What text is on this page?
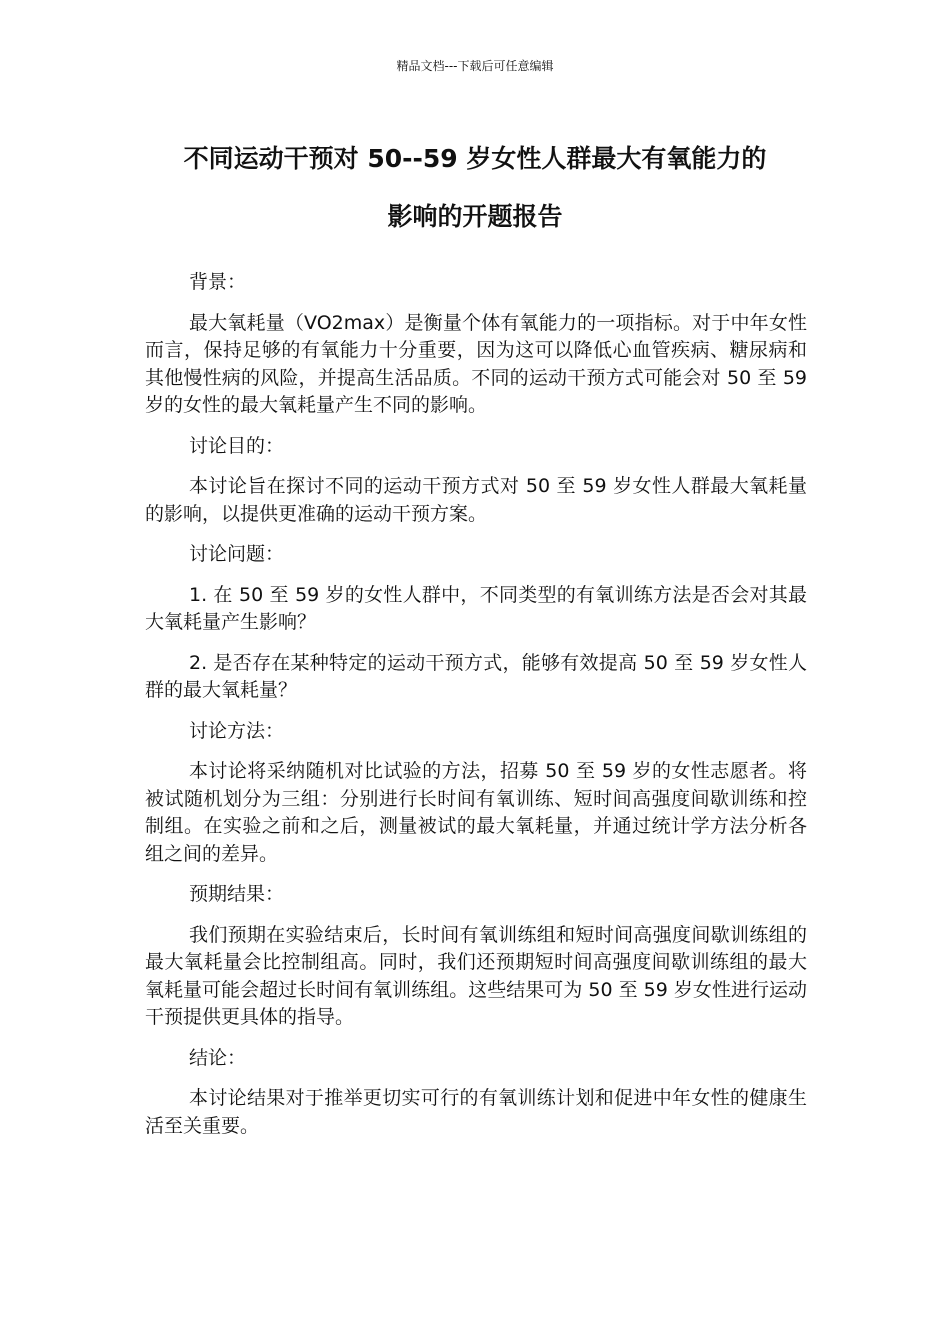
精品文档---下载后可任意编辑
不同运动干预对 50--59 岁女性人群最大有氧能力的
影响的开题报告
背景：
最大氧耗量（VO2max）是衡量个体有氧能力的一项指标。对于中年女性而言，保持足够的有氧能力十分重要，因为这可以降低心血管疾病、糖尿病和其他慢性病的风险，并提高生活品质。不同的运动干预方式可能会对 50 至 59 岁的女性的最大氧耗量产生不同的影响。
讨论目的：
本讨论旨在探讨不同的运动干预方式对 50 至 59 岁女性人群最大氧耗量的影响，以提供更准确的运动干预方案。
讨论问题：
1. 在 50 至 59 岁的女性人群中，不同类型的有氧训练方法是否会对其最大氧耗量产生影响？
2. 是否存在某种特定的运动干预方式，能够有效提高 50 至 59 岁女性人群的最大氧耗量？
讨论方法：
本讨论将采纳随机对比试验的方法，招募 50 至 59 岁的女性志愿者。将被试随机划分为三组：分别进行长时间有氧训练、短时间高强度间歇训练和控制组。在实验之前和之后，测量被试的最大氧耗量，并通过统计学方法分析各组之间的差异。
预期结果：
我们预期在实验结束后，长时间有氧训练组和短时间高强度间歇训练组的最大氧耗量会比控制组高。同时，我们还预期短时间高强度间歇训练组的最大氧耗量可能会超过长时间有氧训练组。这些结果可为 50 至 59 岁女性进行运动干预提供更具体的指导。
结论：
本讨论结果对于推举更切实可行的有氧训练计划和促进中年女性的健康生活至关重要。
